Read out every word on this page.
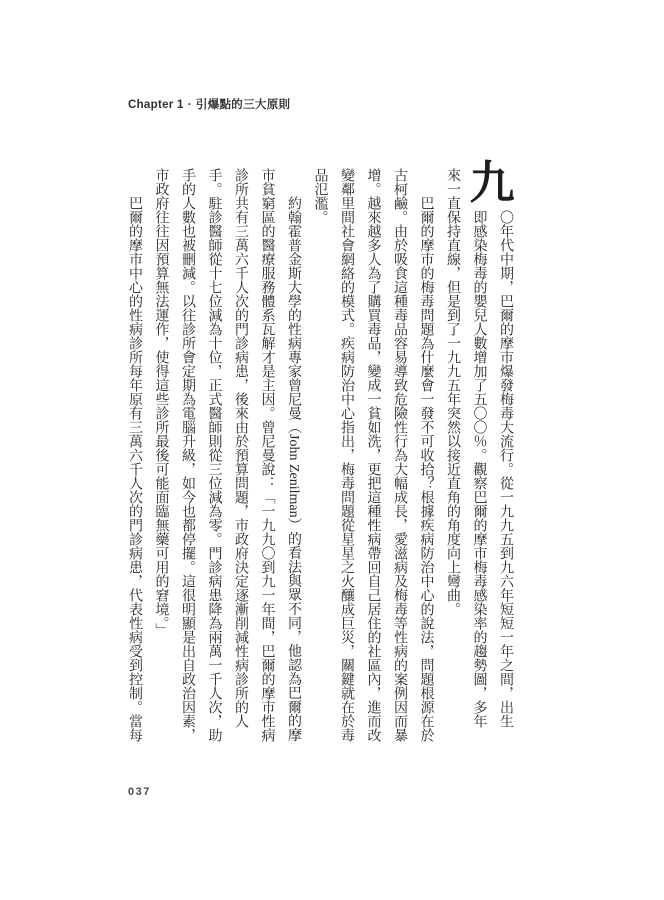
Chapter 1 · 引爆點的三大原則
九
〇年代中期，巴爾的摩市爆發梅毒大流行。從一九九五到九六年短短一年之間，出生
即感染梅毒的嬰兒人數增加了五〇〇％。觀察巴爾的摩市梅毒感染率的趨勢圖，多年
來一直保持直線，但是到了一九九五年突然以接近直角的角度向上彎曲。
巴爾的摩市的梅毒問題為什麼會一發不可收拾？根據疾病防治中心的說法，問題根源在於
古柯鹼。由於吸食這種毒品容易導致危險性行為大幅成長，愛滋病及梅毒等性病的案例因而暴
增。越來越多人為了購買毒品，變成一貧如洗，更把這種性病帶回自己居住的社區內，進而改
變鄰里間社會網絡的模式。疾病防治中心指出，梅毒問題從星星之火釀成巨災，關鍵就在於毒
品氾濫。
約翰霍普金斯大學的性病專家曾尼曼（John Zenilman）的看法與眾不同，他認為巴爾的摩
市貧窮區的醫療服務體系瓦解才是主因。曾尼曼說：「一九九〇到九一年間，巴爾的摩市性病
診所共有三萬六千人次的門診病患，後來由於預算問題，市政府決定逐漸削減性病診所的人
手。駐診醫師從十七位減為十位，正式醫師則從三位減為零。門診病患降為兩萬一千人次，助
手的人數也被刪減。以往診所會定期為電腦升級，如今也都停擺。這很明顯是出自政治因素，
市政府往往因預算無法運作，使得這些診所最後可能面臨無藥可用的窘境。」
巴爾的摩市中心的性病診所每年原有三萬六千人次的門診病患，代表性病受到控制。當每
037
